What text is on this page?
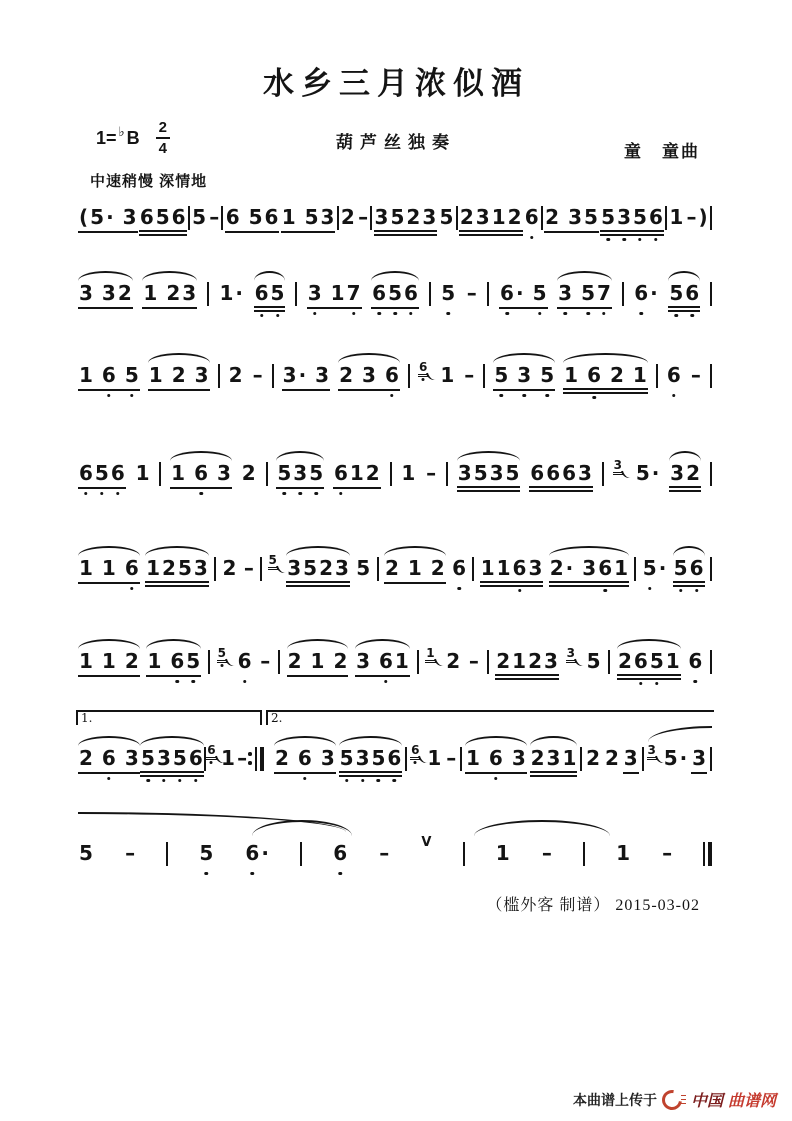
水乡三月浓似酒
1= ♭ B $\frac{2}{4}$	葫芦丝独奏	童　童曲
中速稍慢 深情地
( 5 · 3 6 5 6 5 – 6 5 6 1 5 3 2 – 3 5 2 3 5 2 3 1 2 6 2 3 5 5 3 5 6 1 – )
3 3 2 1 2 3 1 · 6 5 3 1 7 6 5 6 5 – 6 · 5 3 5 7 6 · 5 6
1 6 5 1 2 3 2 – 3 · 3 2 3 6 6 1 – 5 3 5 1 6 2 1 6 –
6 5 6 1 1 6 3 2 5 3 5 6 1 2 1 – 3 5 3 5 6 6 6 3 3 5 · 3 2
1 1 6 1 2 5 3 2 – 5 3 5 2 3 5 2 1 2 6 1 1 6 3 2 · 3 6 1 5 · 5 6
1 1 2 1 6 5 5 6 – 2 1 2 3 6 1 1 2 – 2 1 2 3 3 5 2 6 5 1 6
2 6 3 5 3 5 6 6 1 – 2 6 3 5 3 5 6 6 1 – 1 6 3 2 3 1 2 2 3 3 5 · 3
5 –	5 6 ·	6 – V	1 –	1 –
1.	2.
（槛外客 制谱） 2015-03-02
本曲谱上传于 中国 曲谱网
